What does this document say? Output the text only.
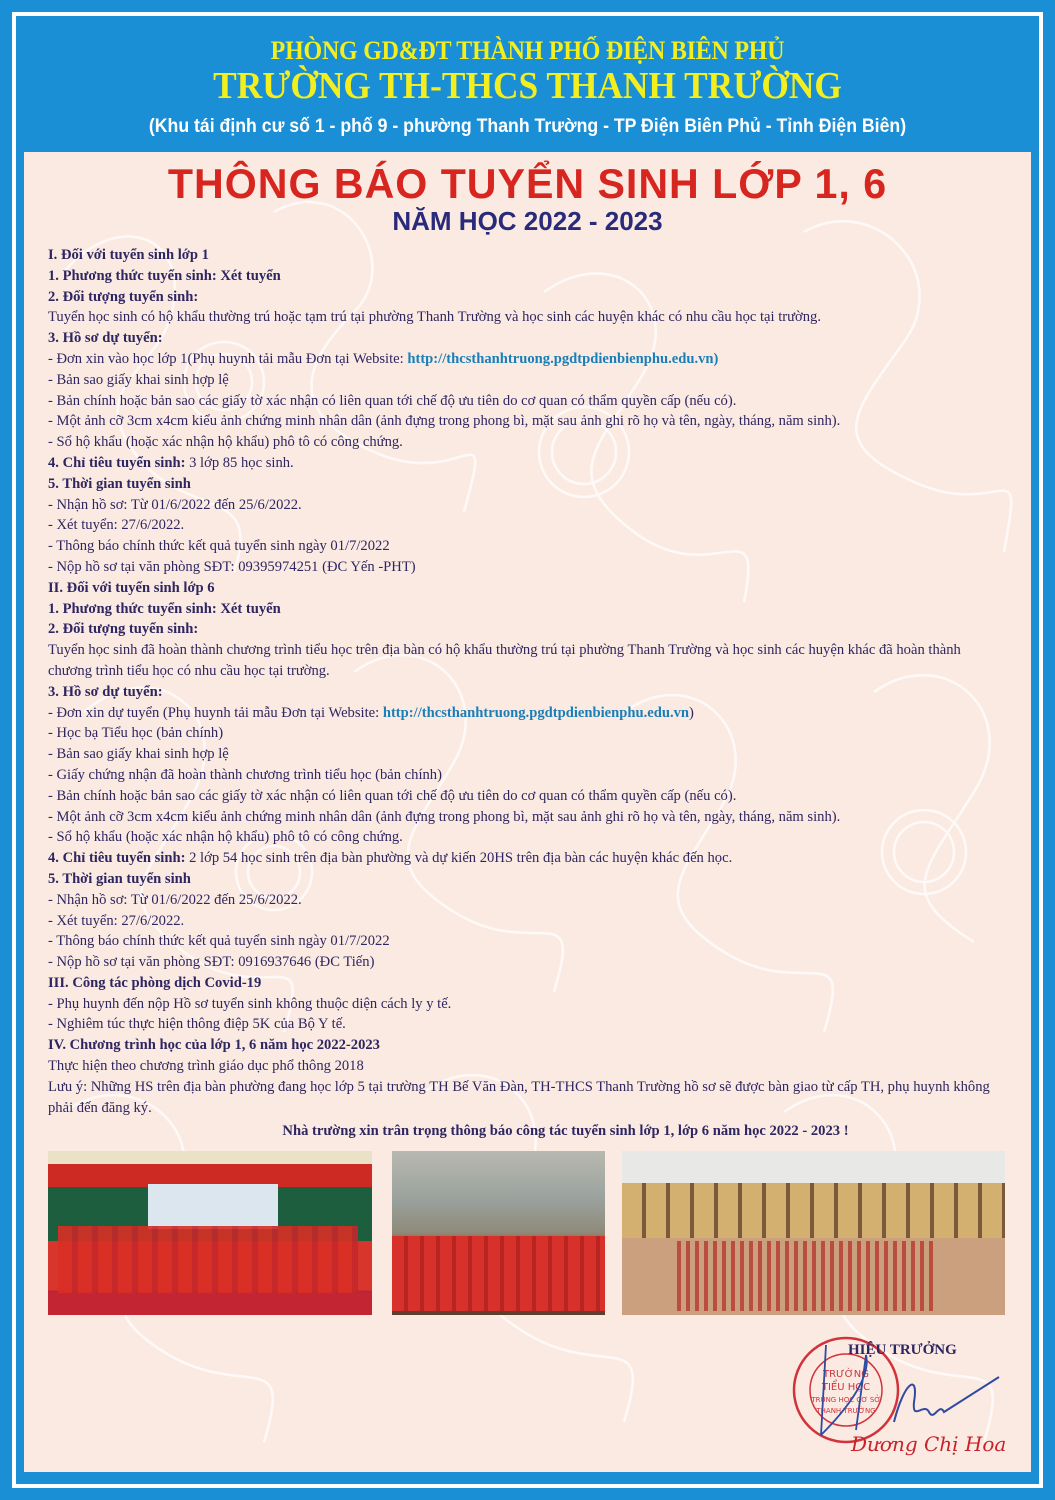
PHÒNG GD&ĐT THÀNH PHỐ ĐIỆN BIÊN PHỦ
TRƯỜNG TH-THCS THANH TRƯỜNG
(Khu tái định cư số 1 - phố 9 - phường Thanh Trường - TP Điện Biên Phủ - Tỉnh Điện Biên)
THÔNG BÁO TUYỂN SINH LỚP 1, 6
NĂM HỌC 2022 - 2023
I. Đối với tuyển sinh lớp 1
1. Phương thức tuyển sinh: Xét tuyển
2. Đối tượng tuyển sinh:
Tuyển học sinh có hộ khẩu thường trú hoặc tạm trú tại phường Thanh Trường và học sinh các huyện khác có nhu cầu học tại trường.
3. Hồ sơ dự tuyển:
- Đơn xin vào học lớp 1(Phụ huynh tải mẫu Đơn tại Website: http://thcsthanhtruong.pgdtpdienbienphu.edu.vn)
- Bản sao giấy khai sinh hợp lệ
- Bản chính hoặc bản sao các giấy tờ xác nhận có liên quan tới chế độ ưu tiên do cơ quan có thẩm quyền cấp (nếu có).
- Một ảnh cỡ 3cm x4cm kiểu ảnh chứng minh nhân dân (ảnh đựng trong phong bì, mặt sau ảnh ghi rõ họ và tên, ngày, tháng, năm sinh).
- Sổ hộ khẩu (hoặc xác nhận hộ khẩu) phô tô có công chứng.
4. Chỉ tiêu tuyển sinh: 3 lớp 85 học sinh.
5. Thời gian tuyển sinh
- Nhận hồ sơ: Từ 01/6/2022 đến 25/6/2022.
- Xét tuyển: 27/6/2022.
- Thông báo chính thức kết quả tuyển sinh ngày 01/7/2022
- Nộp hồ sơ tại văn phòng SĐT: 09395974251 (ĐC Yến -PHT)
II. Đối với tuyển sinh lớp 6
1. Phương thức tuyển sinh: Xét tuyển
2. Đối tượng tuyển sinh:
Tuyển học sinh đã hoàn thành chương trình tiểu học trên địa bàn có hộ khẩu thường trú tại phường Thanh Trường và học sinh các huyện khác đã hoàn thành chương trình tiểu học có nhu cầu học tại trường.
3. Hồ sơ dự tuyển:
- Đơn xin dự tuyển (Phụ huynh tải mẫu Đơn tại Website: http://thcsthanhtruong.pgdtpdienbienphu.edu.vn)
- Học bạ Tiểu học (bản chính)
- Bản sao giấy khai sinh hợp lệ
- Giấy chứng nhận đã hoàn thành chương trình tiểu học (bản chính)
- Bản chính hoặc bản sao các giấy tờ xác nhận có liên quan tới chế độ ưu tiên do cơ quan có thẩm quyền cấp (nếu có).
- Một ảnh cỡ 3cm x4cm kiểu ảnh chứng minh nhân dân (ảnh đựng trong phong bì, mặt sau ảnh ghi rõ họ và tên, ngày, tháng, năm sinh).
- Sổ hộ khẩu (hoặc xác nhận hộ khẩu) phô tô có công chứng.
4. Chỉ tiêu tuyển sinh: 2 lớp 54 học sinh trên địa bàn phường và dự kiến 20HS trên địa bàn các huyện khác đến học.
5. Thời gian tuyển sinh
- Nhận hồ sơ: Từ 01/6/2022 đến 25/6/2022.
- Xét tuyển: 27/6/2022.
- Thông báo chính thức kết quả tuyển sinh ngày 01/7/2022
- Nộp hồ sơ tại văn phòng SĐT: 0916937646 (ĐC Tiến)
III. Công tác phòng dịch Covid-19
- Phụ huynh đến nộp Hồ sơ tuyển sinh không thuộc diện cách ly y tế.
- Nghiêm túc thực hiện thông điệp 5K của Bộ Y tế.
IV. Chương trình học của lớp 1, 6 năm học 2022-2023
Thực hiện theo chương trình giáo dục phổ thông 2018
Lưu ý: Những HS trên địa bàn phường đang học lớp 5 tại trường TH Bế Văn Đàn, TH-THCS Thanh Trường hồ sơ sẽ được bàn giao từ cấp TH, phụ huynh không phải đến đăng ký.
Nhà trường xin trân trọng thông báo công tác tuyển sinh lớp 1, lớp 6 năm học 2022 - 2023 !
TRƯỜNG
TIỂU HỌC
TRUNG HỌC CƠ SỞ
THANH TRƯỜNG
HIỆU TRƯỞNG
Dương Chị Hoa
